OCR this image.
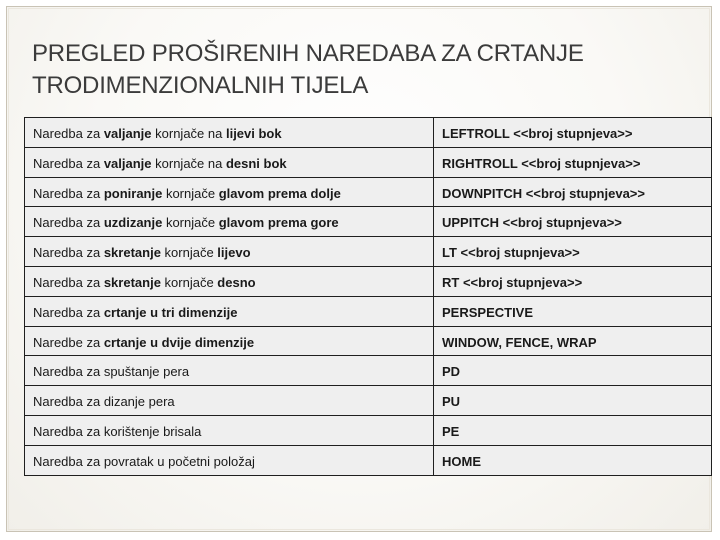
PREGLED PROŠIRENIH NAREDABA ZA CRTANJE
TRODIMENZIONALNIH TIJELA
Naredba za valjanje kornjače na lijevi bok	LEFTROLL <<broj stupnjeva>>
Naredba za valjanje kornjače na desni bok	RIGHTROLL <<broj stupnjeva>>
Naredba za poniranje kornjače glavom prema dolje	DOWNPITCH <<broj stupnjeva>>
Naredba za uzdizanje kornjače glavom prema gore	UPPITCH <<broj stupnjeva>>
Naredba za skretanje kornjače lijevo	LT <<broj stupnjeva>>
Naredba za skretanje kornjače desno	RT <<broj stupnjeva>>
Naredba za crtanje u tri dimenzije	PERSPECTIVE
Naredbe za crtanje u dvije dimenzije	WINDOW, FENCE, WRAP
Naredba za spuštanje pera	PD
Naredba za dizanje pera	PU
Naredba za korištenje brisala	PE
Naredba za povratak u početni položaj	HOME
